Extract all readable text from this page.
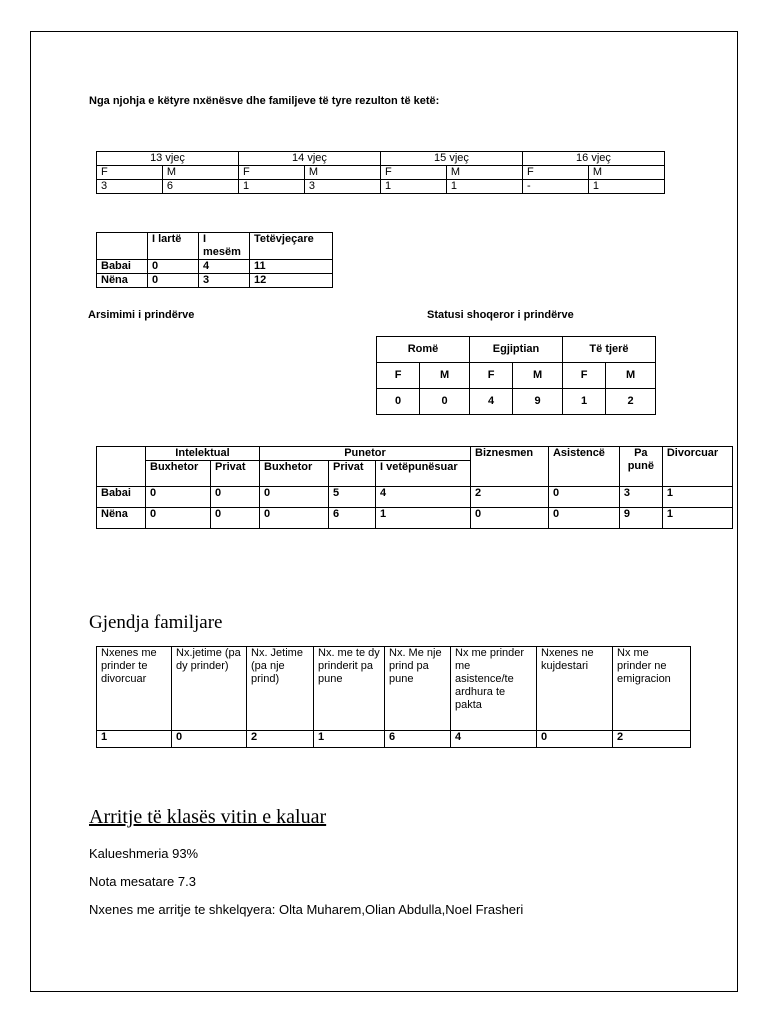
Nga njohja e këtyre nxënësve dhe familjeve të tyre rezulton të ketë:
13 vjeç		14 vjeç		15 vjeç		16 vjeç	
F	M	F	M	F	M	F	M
3	6	1	3	1	1	-	1
	I lartë	I mesëm	Tetëvjeçare
Babai	0	4	11
Nëna	0	3	12
Arsimimi i prindërve	Statusi shoqeror i prindërve
Romë		Egjiptian		Të tjerë	
F	M	F	M	F	M
0	0	4	9	1	2
	Intelektual		Punetor			Biznesmen	Asistencë	Pa punë	Divorcuar
	Buxhetor	Privat	Buxhetor	Privat	I vetëpunësuar				
Babai	0	0	0	5	4	2	0	3	1
Nëna	0	0	0	6	1	0	0	9	1
Gjendja familjare
Nxenes me prinder te divorcuar	Nx.jetime (pa dy prinder)	Nx. Jetime (pa nje prind)	Nx. me te dy prinderit pa pune	Nx. Me nje prind pa pune	Nx me prinder me asistence/te ardhura te pakta	Nxenes ne kujdestari	Nx me prinder ne emigracion
1	0	2	1	6	4	0	2
Arritje të klasës vitin e kaluar
Kalueshmeria 93%
Nota mesatare 7.3
Nxenes me arritje te shkelqyera: Olta Muharem,Olian Abdulla,Noel Frasheri
